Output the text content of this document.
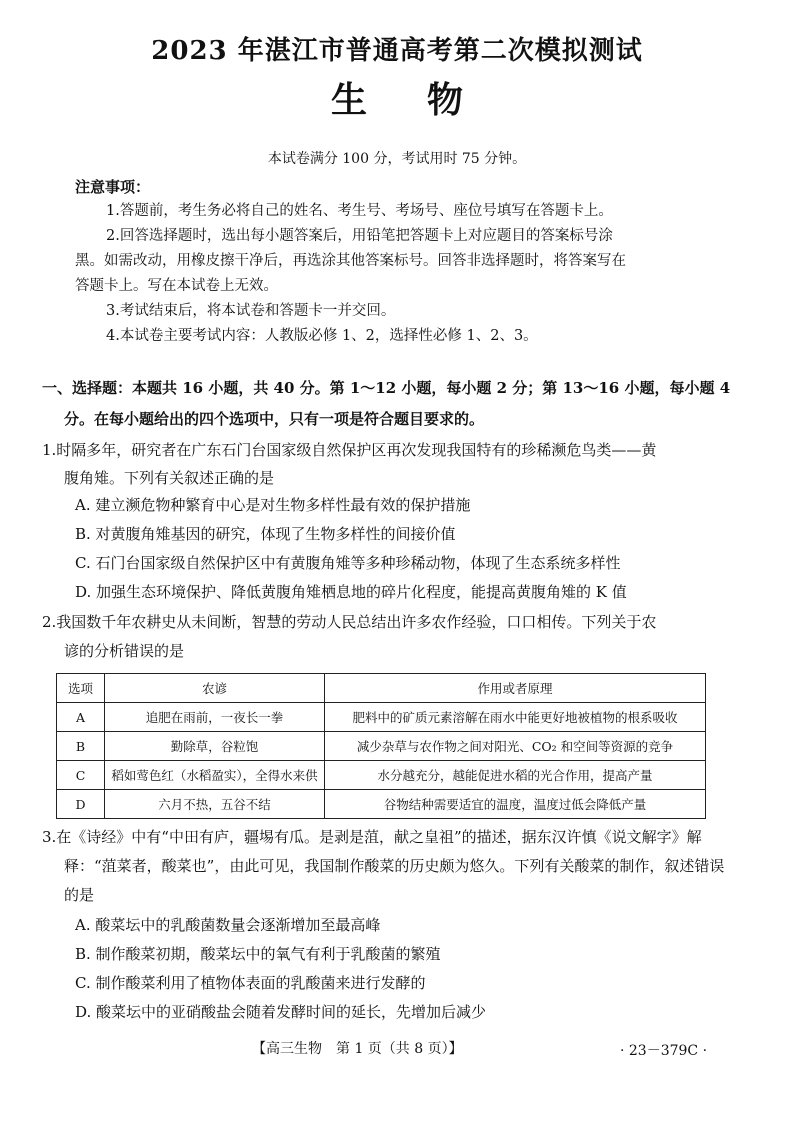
2023 年湛江市普通高考第二次模拟测试
生物
本试卷满分 100 分，考试用时 75 分钟。
注意事项：
1.答题前，考生务必将自己的姓名、考生号、考场号、座位号填写在答题卡上。
2.回答选择题时，选出每小题答案后，用铅笔把答题卡上对应题目的答案标号涂
黑。如需改动，用橡皮擦干净后，再选涂其他答案标号。回答非选择题时，将答案写在
答题卡上。写在本试卷上无效。
3.考试结束后，将本试卷和答题卡一并交回。
4.本试卷主要考试内容：人教版必修 1、2，选择性必修 1、2、3。
一、选择题：本题共 16 小题，共 40 分。第 1～12 小题，每小题 2 分；第 13～16 小题，每小题 4
分。在每小题给出的四个选项中，只有一项是符合题目要求的。
1.时隔多年，研究者在广东石门台国家级自然保护区再次发现我国特有的珍稀濒危鸟类——黄
腹角雉。下列有关叙述正确的是
A. 建立濒危物种繁育中心是对生物多样性最有效的保护措施
B. 对黄腹角雉基因的研究，体现了生物多样性的间接价值
C. 石门台国家级自然保护区中有黄腹角雉等多种珍稀动物，体现了生态系统多样性
D. 加强生态环境保护、降低黄腹角雉栖息地的碎片化程度，能提高黄腹角雉的 K 值
2.我国数千年农耕史从未间断，智慧的劳动人民总结出许多农作经验，口口相传。下列关于农
谚的分析错误的是
选项	农谚	作用或者原理
A	追肥在雨前，一夜长一拳	肥料中的矿质元素溶解在雨水中能更好地被植物的根系吸收
B	勤除草，谷粒饱	减少杂草与农作物之间对阳光、CO₂ 和空间等资源的竞争
C	稻如莺色红（水稻盈实），全得水来供	水分越充分，越能促进水稻的光合作用，提高产量
D	六月不热，五谷不结	谷物结种需要适宜的温度，温度过低会降低产量
3.在《诗经》中有“中田有庐，疆埸有瓜。是剥是菹，献之皇祖”的描述，据东汉许慎《说文解字》解
释：“菹菜者，酸菜也”，由此可见，我国制作酸菜的历史颇为悠久。下列有关酸菜的制作，叙述错误
的是
A. 酸菜坛中的乳酸菌数量会逐渐增加至最高峰
B. 制作酸菜初期，酸菜坛中的氧气有利于乳酸菌的繁殖
C. 制作酸菜利用了植物体表面的乳酸菌来进行发酵的
D. 酸菜坛中的亚硝酸盐会随着发酵时间的延长，先增加后减少
【高三生物　第 1 页（共 8 页）】	· 23－379C ·
